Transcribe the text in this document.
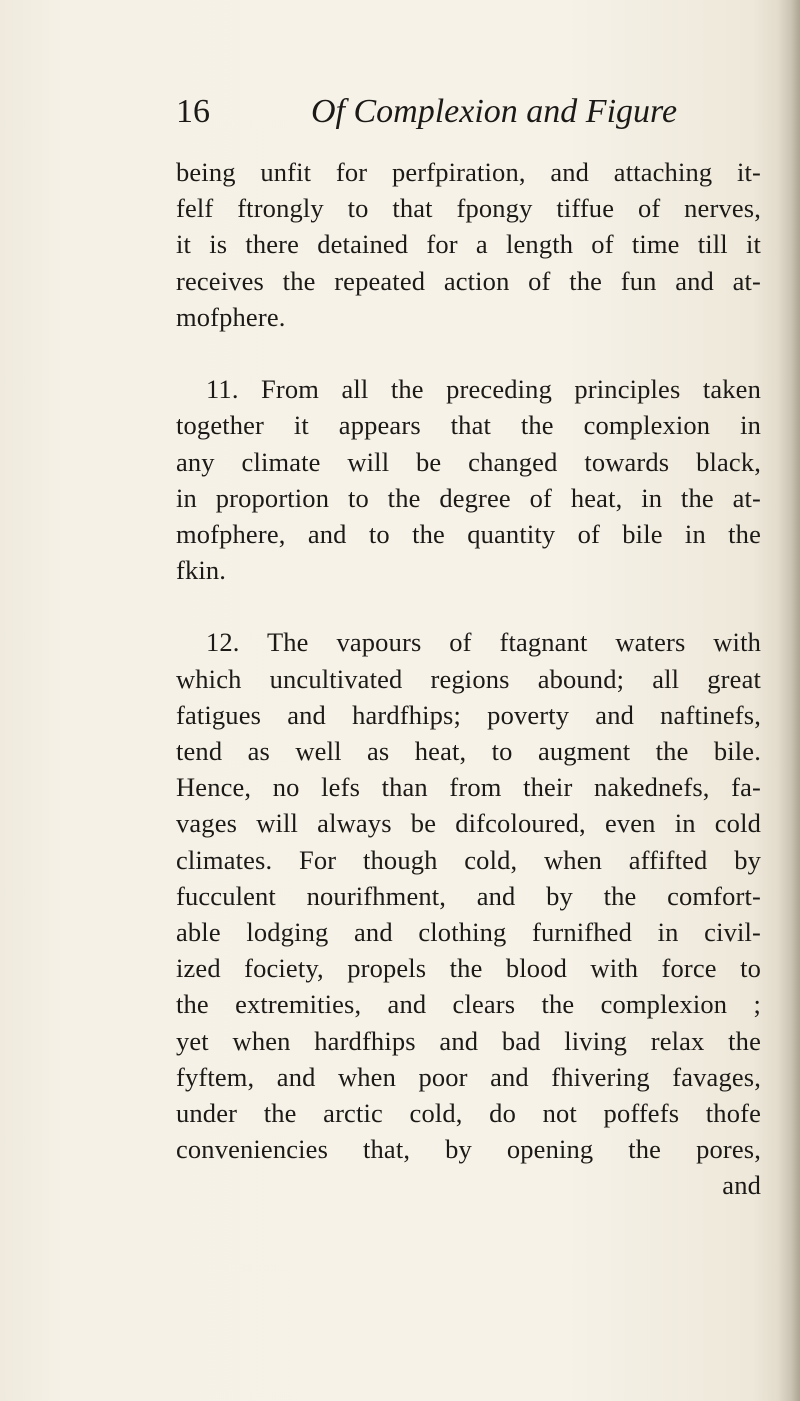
16	Of Complexion and Figure
being unfit for perfpiration, and attaching it-
felf ftrongly to that fpongy tiffue of nerves,
it is there detained for a length of time till it
receives the repeated action of the fun and at-
mofphere.
11. From all the preceding principles taken
together it appears that the complexion in
any climate will be changed towards black,
in proportion to the degree of heat, in the at-
mofphere, and to the quantity of bile in the
fkin.
12. The vapours of ftagnant waters with
which uncultivated regions abound; all great
fatigues and hardfhips; poverty and naftinefs,
tend as well as heat, to augment the bile.
Hence, no lefs than from their nakednefs, fa-
vages will always be difcoloured, even in cold
climates. For though cold, when affifted by
fucculent nourifhment, and by the comfort-
able lodging and clothing furnifhed in civil-
ized fociety, propels the blood with force to
the extremities, and clears the complexion ;
yet when hardfhips and bad living relax the
fyftem, and when poor and fhivering favages,
under the arctic cold, do not poffefs thofe
conveniencies that, by opening the pores,
and
